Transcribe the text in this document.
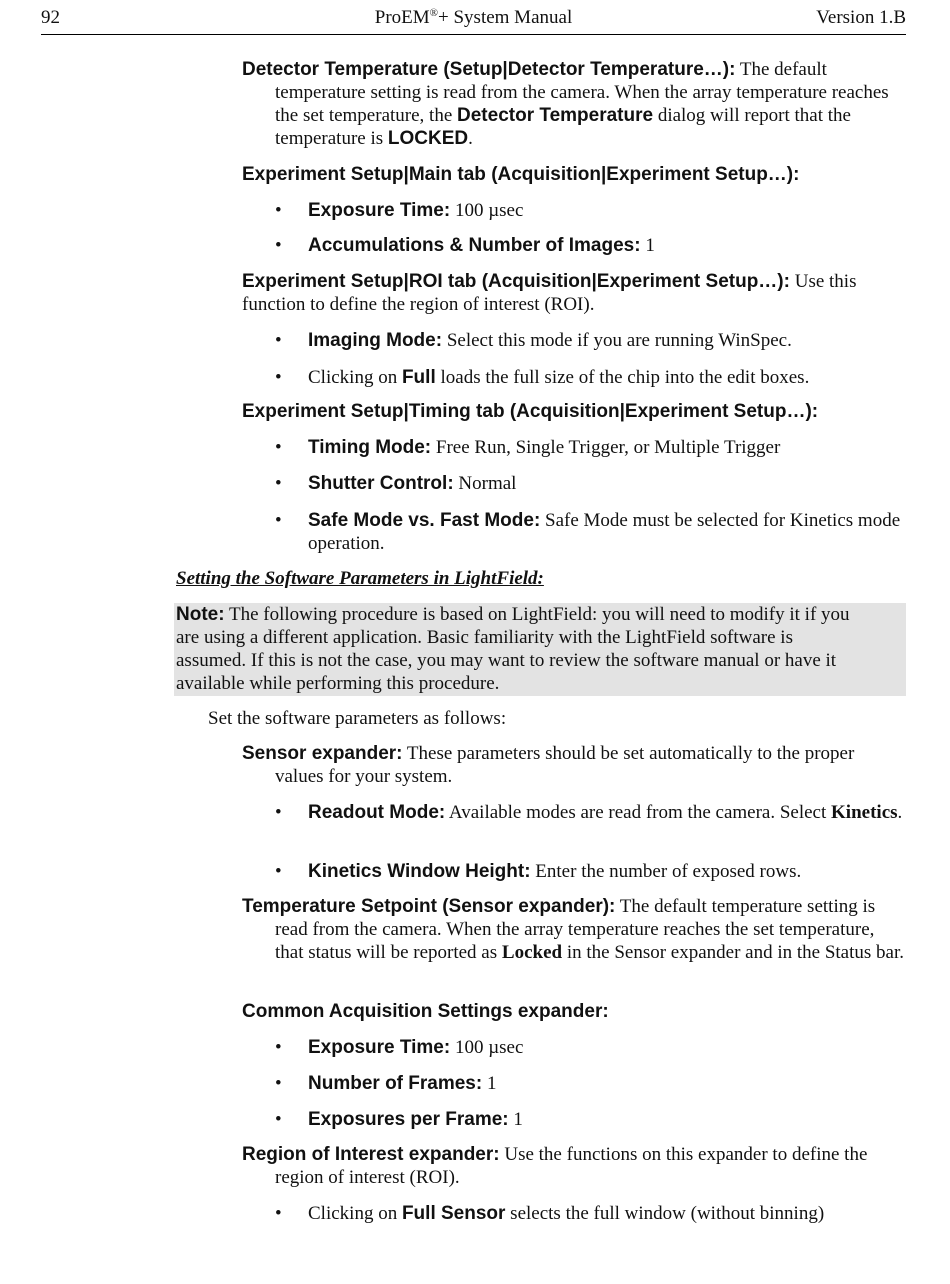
92	ProEM®+ System Manual	Version 1.B
Detector Temperature (Setup|Detector Temperature…): The default temperature setting is read from the camera. When the array temperature reaches the set temperature, the Detector Temperature dialog will report that the temperature is LOCKED.
Experiment Setup|Main tab (Acquisition|Experiment Setup…):
• Exposure Time: 100 µsec
• Accumulations & Number of Images: 1
Experiment Setup|ROI tab (Acquisition|Experiment Setup…): Use this function to define the region of interest (ROI).
• Imaging Mode: Select this mode if you are running WinSpec.
• Clicking on Full loads the full size of the chip into the edit boxes.
Experiment Setup|Timing tab (Acquisition|Experiment Setup…):
• Timing Mode: Free Run, Single Trigger, or Multiple Trigger
• Shutter Control: Normal
• Safe Mode vs. Fast Mode: Safe Mode must be selected for Kinetics mode operation.
Setting the Software Parameters in LightField:
Note: The following procedure is based on LightField: you will need to modify it if you
are using a different application. Basic familiarity with the LightField software is
assumed. If this is not the case, you may want to review the software manual or have it
available while performing this procedure.
Set the software parameters as follows:
Sensor expander: These parameters should be set automatically to the proper values for your system.
• Readout Mode: Available modes are read from the camera. Select Kinetics.
• Kinetics Window Height: Enter the number of exposed rows.
Temperature Setpoint (Sensor expander): The default temperature setting is read from the camera. When the array temperature reaches the set temperature, that status will be reported as Locked in the Sensor expander and in the Status bar.
Common Acquisition Settings expander:
• Exposure Time: 100 µsec
• Number of Frames: 1
• Exposures per Frame: 1
Region of Interest expander: Use the functions on this expander to define the region of interest (ROI).
• Clicking on Full Sensor selects the full window (without binning)
